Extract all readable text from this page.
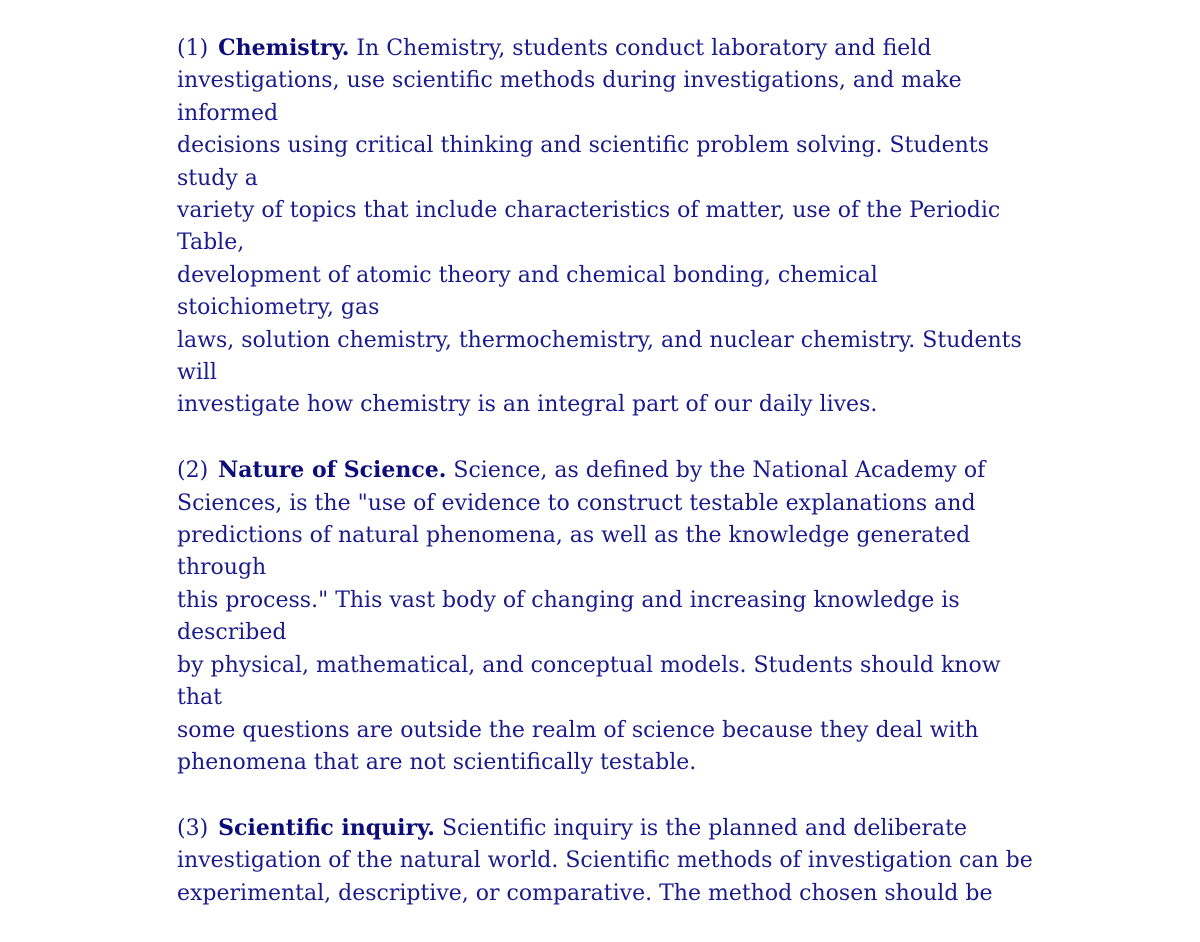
(1) Chemistry. In Chemistry, students conduct laboratory and field
investigations, use scientific methods during investigations, and make informed
decisions using critical thinking and scientific problem solving. Students study a
variety of topics that include characteristics of matter, use of the Periodic Table,
development of atomic theory and chemical bonding, chemical stoichiometry, gas
laws, solution chemistry, thermochemistry, and nuclear chemistry. Students will
investigate how chemistry is an integral part of our daily lives.

(2) Nature of Science. Science, as defined by the National Academy of
Sciences, is the "use of evidence to construct testable explanations and
predictions of natural phenomena, as well as the knowledge generated through
this process." This vast body of changing and increasing knowledge is described
by physical, mathematical, and conceptual models. Students should know that
some questions are outside the realm of science because they deal with
phenomena that are not scientifically testable.

(3) Scientific inquiry. Scientific inquiry is the planned and deliberate
investigation of the natural world. Scientific methods of investigation can be
experimental, descriptive, or comparative. The method chosen should be
